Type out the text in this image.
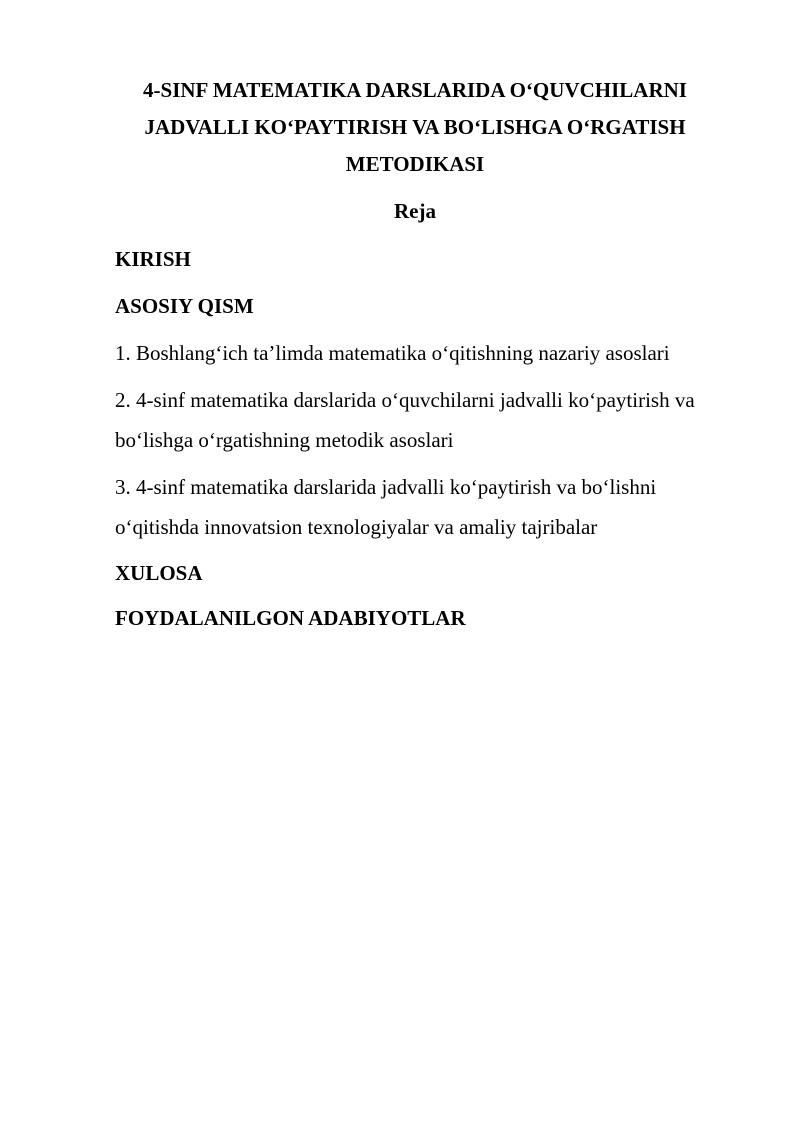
4-SINF MATEMATIKA DARSLARIDA O‘QUVCHILARNI
JADVALLI KO‘PAYTIRISH VA BO‘LISHGA O‘RGATISH
METODIKASI
Reja

KIRISH

ASOSIY QISM

1. Boshlang‘ich ta’limda matematika o‘qitishning nazariy asoslari

2. 4-sinf matematika darslarida o‘quvchilarni jadvalli ko‘paytirish va
bo‘lishga o‘rgatishning metodik asoslari

3. 4-sinf matematika darslarida jadvalli ko‘paytirish va bo‘lishni
o‘qitishda innovatsion texnologiyalar va amaliy tajribalar

XULOSA

FOYDALANILGON ADABIYOTLAR
